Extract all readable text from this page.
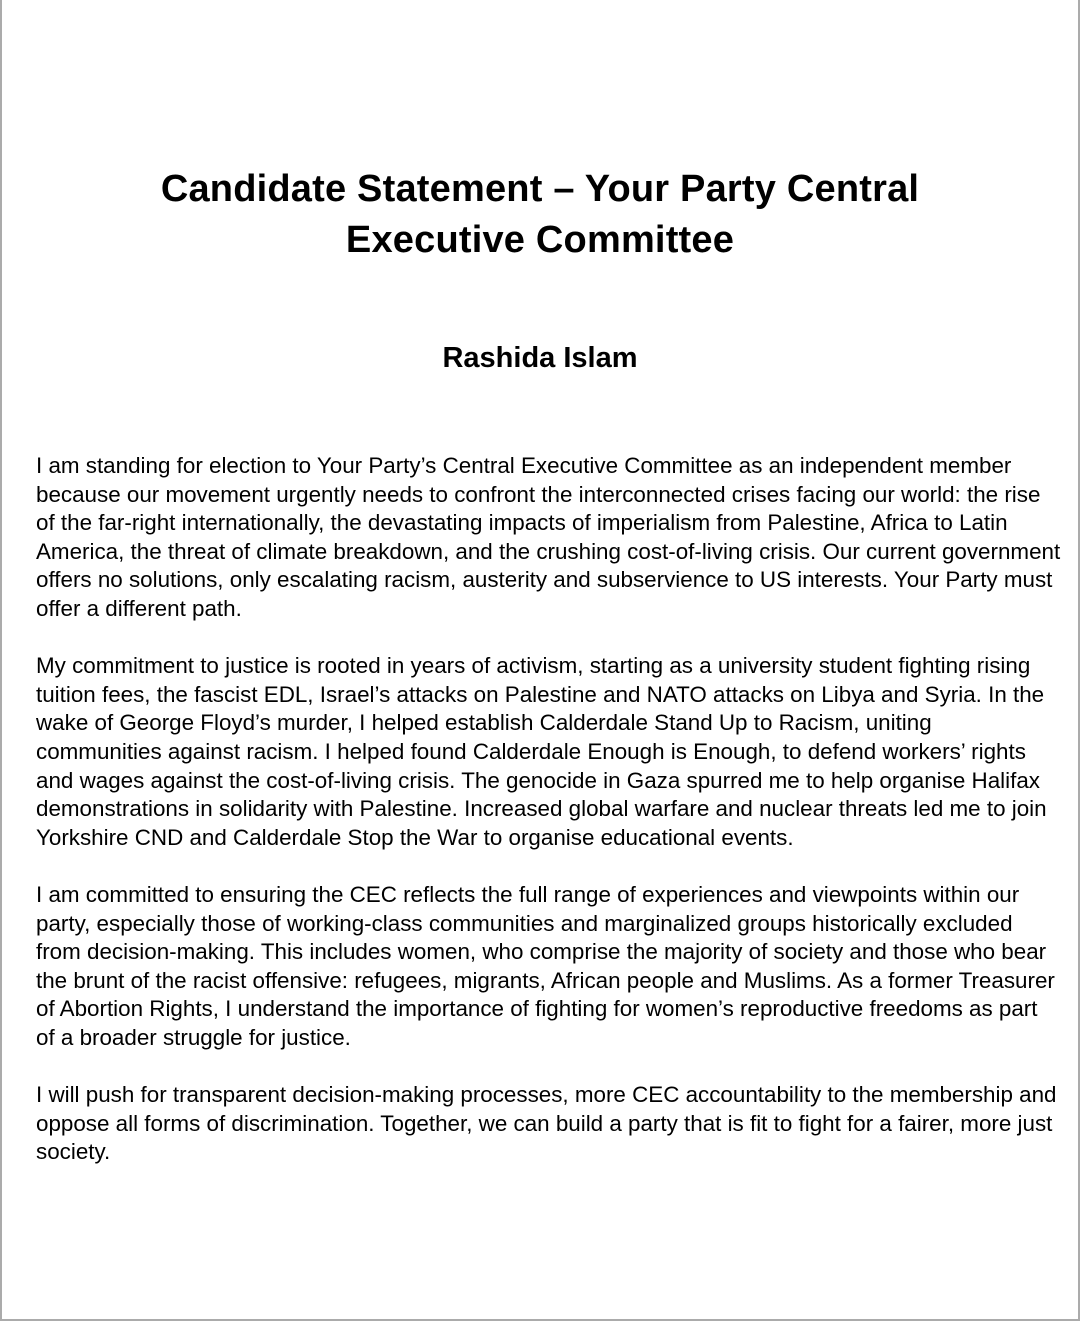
Candidate Statement – Your Party Central
Executive Committee
Rashida Islam

I am standing for election to Your Party’s Central Executive Committee as an independent member because our movement urgently needs to confront the interconnected crises facing our world: the rise of the far-right internationally, the devastating impacts of imperialism from Palestine, Africa to Latin America, the threat of climate breakdown, and the crushing cost-of-living crisis. Our current government offers no solutions, only escalating racism, austerity and subservience to US interests. Your Party must offer a different path.

My commitment to justice is rooted in years of activism, starting as a university student fighting rising tuition fees, the fascist EDL, Israel’s attacks on Palestine and NATO attacks on Libya and Syria. In the wake of George Floyd’s murder, I helped establish Calderdale Stand Up to Racism, uniting communities against racism. I helped found Calderdale Enough is Enough, to defend workers’ rights and wages against the cost-of-living crisis. The genocide in Gaza spurred me to help organise Halifax demonstrations in solidarity with Palestine. Increased global warfare and nuclear threats led me to join Yorkshire CND and Calderdale Stop the War to organise educational events.

I am committed to ensuring the CEC reflects the full range of experiences and viewpoints within our party, especially those of working-class communities and marginalized groups historically excluded from decision-making. This includes women, who comprise the majority of society and those who bear the brunt of the racist offensive: refugees, migrants, African people and Muslims. As a former Treasurer of Abortion Rights, I understand the importance of fighting for women’s reproductive freedoms as part of a broader struggle for justice.

I will push for transparent decision-making processes, more CEC accountability to the membership and oppose all forms of discrimination. Together, we can build a party that is fit to fight for a fairer, more just society.
